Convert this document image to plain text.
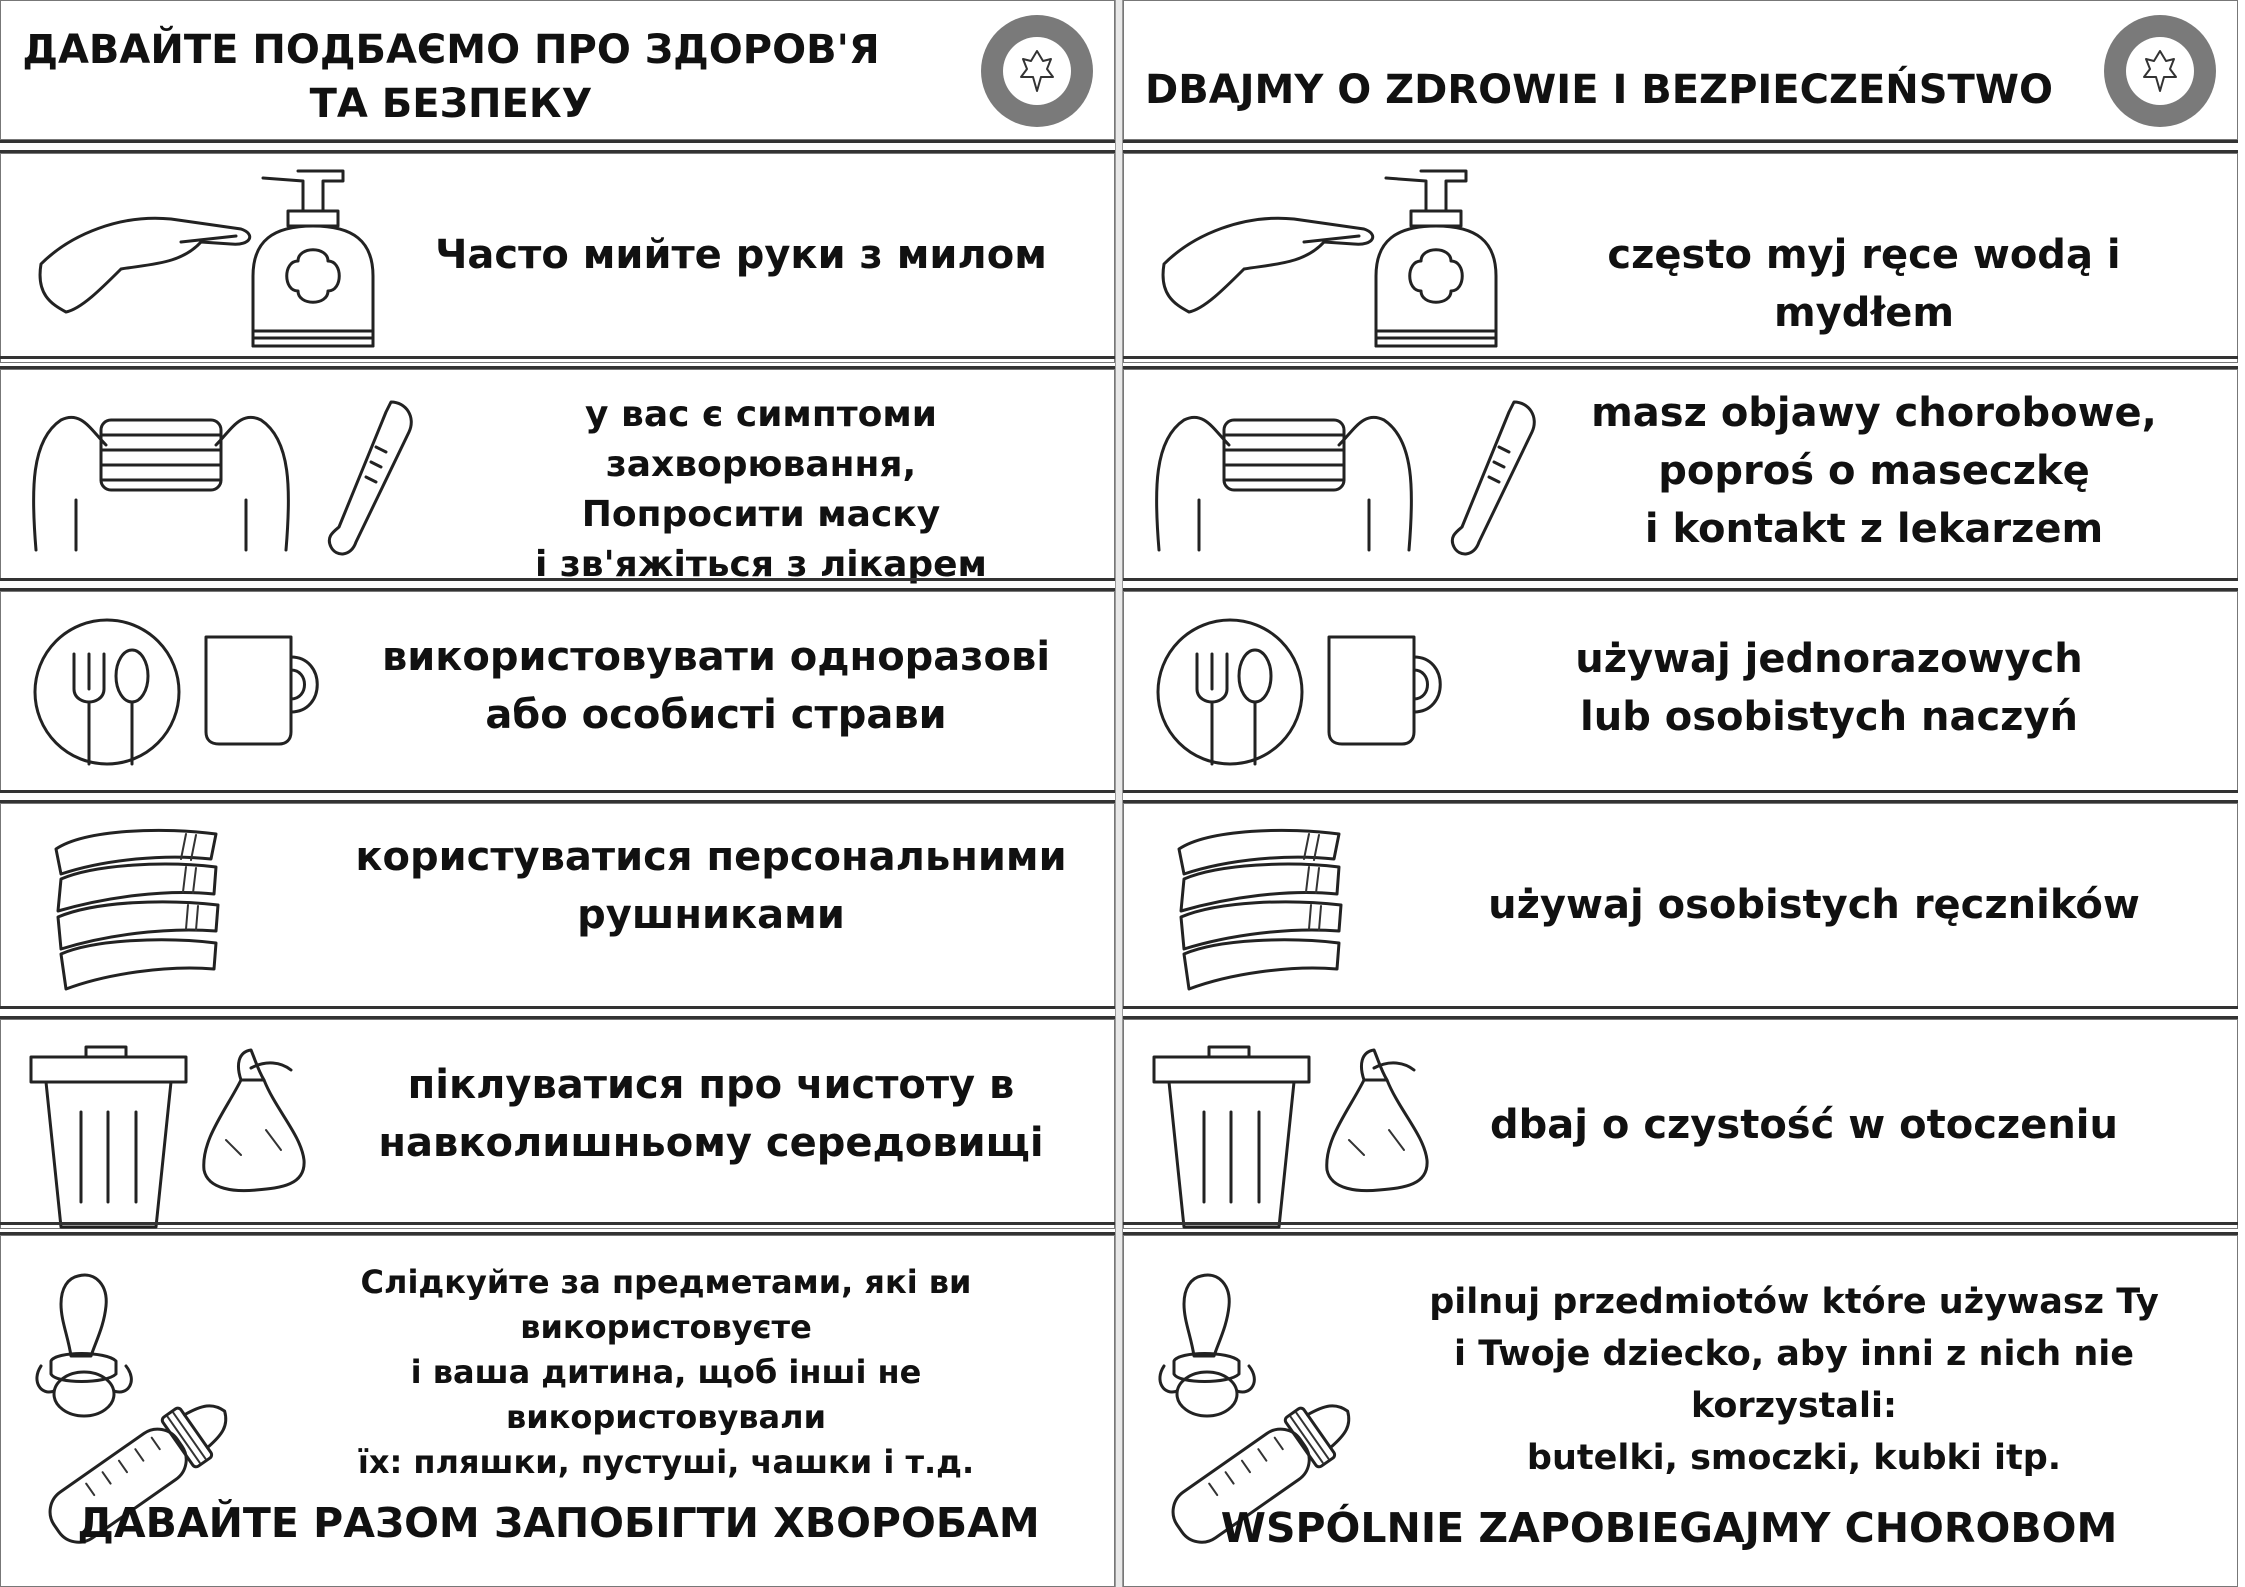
ДАВАЙТЕ ПОДБАЄМО ПРО ЗДОРОВ'Я
ТА БЕЗПЕКУ
Часто мийте руки з милом
у вас є симптоми захворювання,
Попросити маску
і зв'яжіться з лікарем
використовувати одноразові
або особисті страви
користуватися персональними
рушниками
піклуватися про чистоту в
навколишньому середовищі
Слідкуйте за предметами, які ви
використовуєте
і ваша дитина, щоб інші не використовували
їх: пляшки, пустуші, чашки і т.д.
ДАВАЙТЕ РАЗОМ ЗАПОБІГТИ ХВОРОБАМ
DBAJMY O ZDROWIE I BEZPIECZEŃSTWO
często myj ręce wodą i mydłem
masz objawy chorobowe,
poproś o maseczkę
i kontakt z lekarzem
używaj jednorazowych
lub osobistych naczyń
używaj osobistych ręczników
dbaj o czystość w otoczeniu
pilnuj przedmiotów które używasz Ty
i Twoje dziecko, aby inni z nich nie korzystali:
butelki, smoczki, kubki itp.
WSPÓLNIE ZAPOBIEGAJMY CHOROBOM
